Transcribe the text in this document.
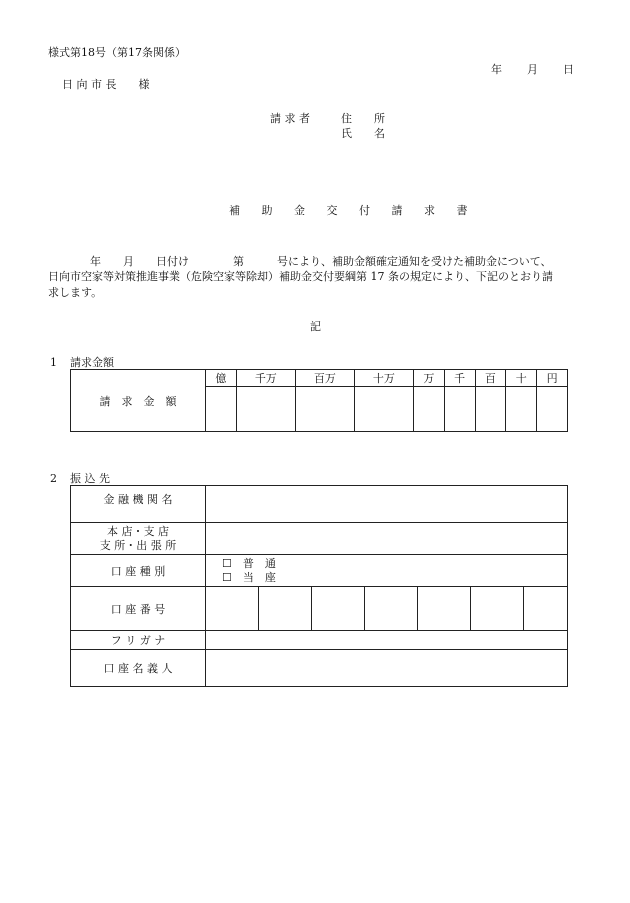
様式第18号（第17条関係）
年 月 日
日 向 市 長　　様
請 求 者	住　　所
氏　　名
補 助 金 交 付 請 求 書
年　　月　　日付け　　　　第　　　号により、補助金額確定通知を受けた補助金について、
日向市空家等対策推進事業（危険空家等除却）補助金交付要綱第 17 条の規定により、下記のとおり請
求します。
記
1 請求金額
請　求　金　額	億	千万	百万	十万	万	千	百	十	円

2 振 込 先
金 融 機 関 名							

本 店・支 店
支 所・出 張 所							

口 座 種 別	☐　普　通
☐　当　座						

口 座 番 号							
フ リ ガ ナ							
口 座 名 義 人							
